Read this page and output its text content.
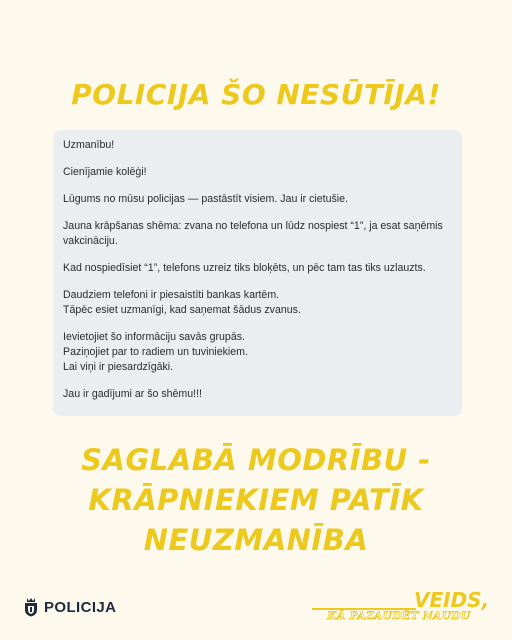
POLICIJA ŠO NESŪTĪJA!

Uzmanību!

Cienījamie kolēģi!

Lūgums no mūsu policijas — pastāstīt visiem. Jau ir cietušie.

Jauna krāpšanas shēma: zvana no telefona un lūdz nospiest “1”, ja esat saņēmis
vakcināciju.

Kad nospiedīsiet “1”, telefons uzreiz tiks bloķēts, un pēc tam tas tiks uzlauzts.

Daudziem telefoni ir piesaistīti bankas kartēm.
Tāpēc esiet uzmanīgi, kad saņemat šādus zvanus.

Ievietojiet šo informāciju savās grupās.
Paziņojiet par to radiem un tuviniekiem.
Lai viņi ir piesardzīgāki.

Jau ir gadījumi ar šo shēmu!!!

SAGLABĀ MODRĪBU -
KRĀPNIEKIEM PATĪK
NEUZMANĪBA
POLICIJA	VEIDS,
KĀ PAZAUDĒT NAUDU
